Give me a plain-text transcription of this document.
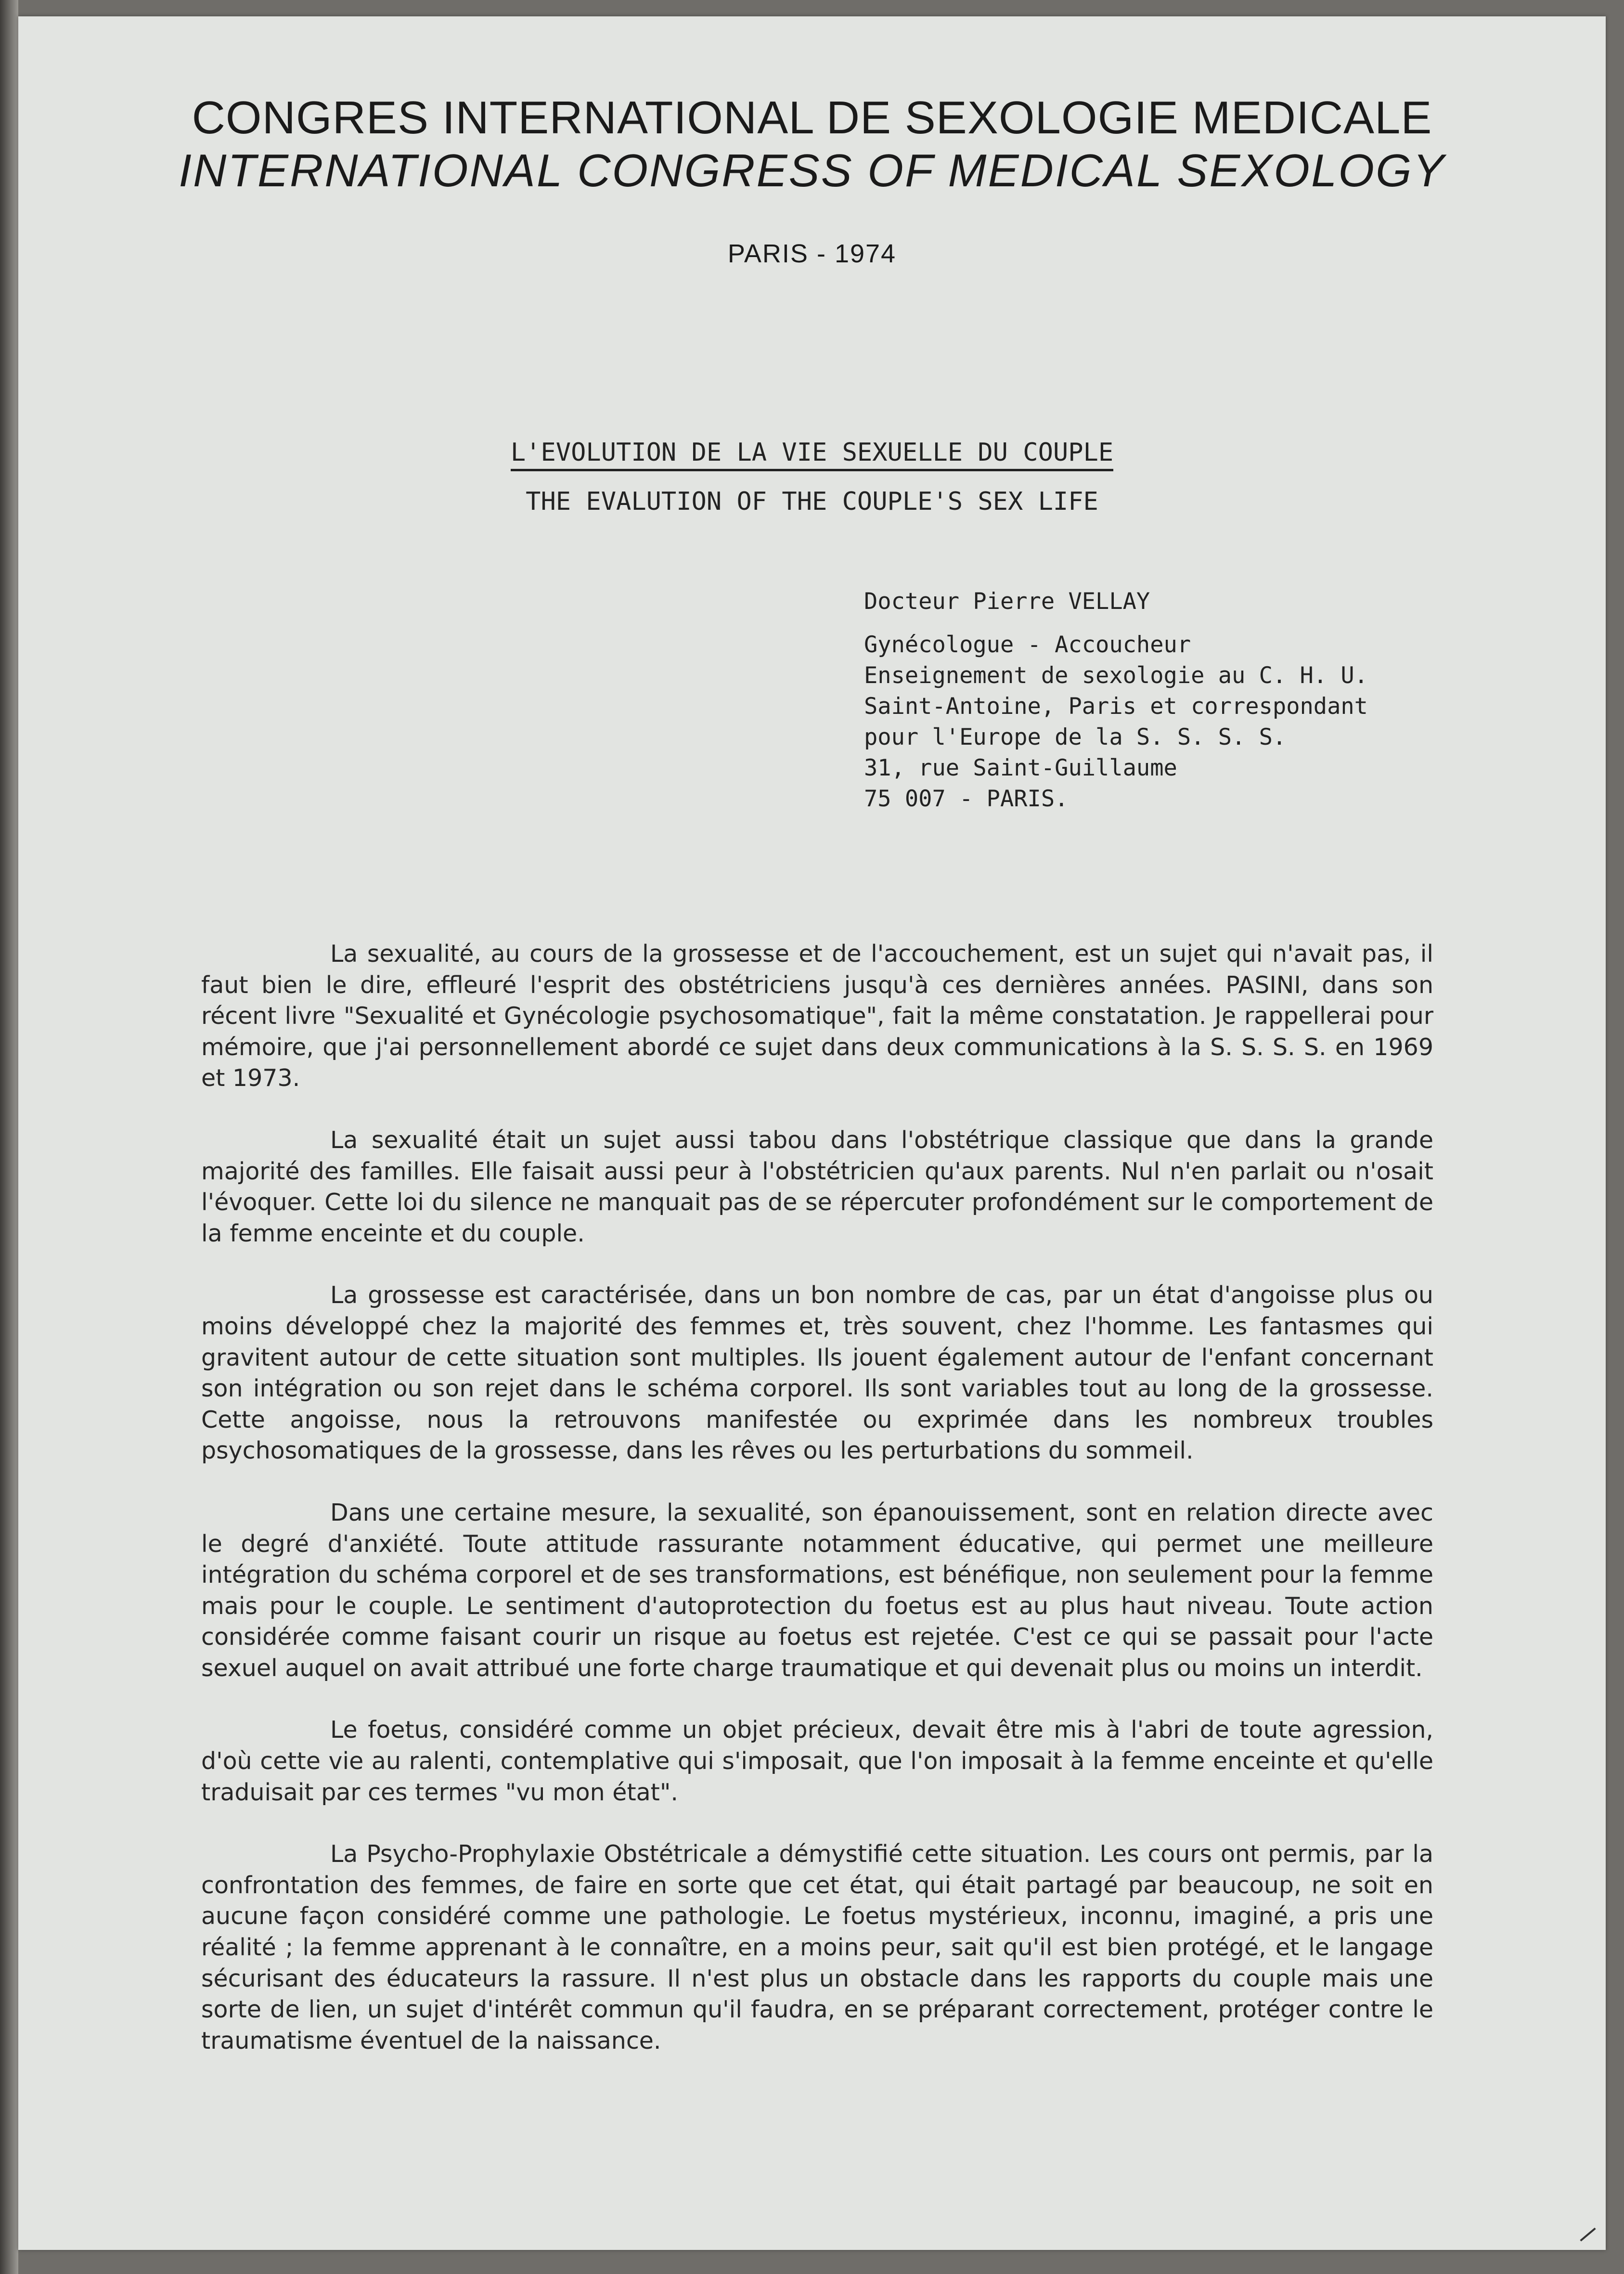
CONGRES INTERNATIONAL DE SEXOLOGIE MEDICALE
INTERNATIONAL CONGRESS OF MEDICAL SEXOLOGY
PARIS - 1974
L'EVOLUTION DE LA VIE SEXUELLE DU COUPLE
THE EVALUTION OF THE COUPLE'S SEX LIFE
Docteur Pierre VELLAY
Gynécologue - Accoucheur
Enseignement de sexologie au C. H. U.
Saint-Antoine, Paris et correspondant
pour l'Europe de la S. S. S. S.
31, rue Saint-Guillaume
75 007 - PARIS.

La sexualité, au cours de la grossesse et de l'accouchement, est un sujet qui n'avait pas, il faut bien le dire, effleuré l'esprit des obstétriciens jusqu'à ces dernières années. PASINI, dans son récent livre "Sexualité et Gynécologie psychosomatique", fait la même constatation. Je rappellerai pour mémoire, que j'ai personnellement abordé ce sujet dans deux communications à la S. S. S. S. en 1969 et 1973.

La sexualité était un sujet aussi tabou dans l'obstétrique classique que dans la grande majorité des familles. Elle faisait aussi peur à l'obstétricien qu'aux parents. Nul n'en parlait ou n'osait l'évoquer. Cette loi du silence ne manquait pas de se répercuter profondément sur le comportement de la femme enceinte et du couple.

La grossesse est caractérisée, dans un bon nombre de cas, par un état d'angoisse plus ou moins développé chez la majorité des femmes et, très souvent, chez l'homme. Les fantasmes qui gravitent autour de cette situation sont multiples. Ils jouent également autour de l'enfant concernant son intégration ou son rejet dans le schéma corporel. Ils sont variables tout au long de la grossesse. Cette angoisse, nous la retrouvons manifestée ou exprimée dans les nombreux troubles psychosomatiques de la grossesse, dans les rêves ou les perturbations du sommeil.

Dans une certaine mesure, la sexualité, son épanouissement, sont en relation directe avec le degré d'anxiété. Toute attitude rassurante notamment éducative, qui permet une meilleure intégration du schéma corporel et de ses transformations, est bénéfique, non seulement pour la femme mais pour le couple. Le sentiment d'autoprotection du foetus est au plus haut niveau. Toute action considérée comme faisant courir un risque au foetus est rejetée. C'est ce qui se passait pour l'acte sexuel auquel on avait attribué une forte charge traumatique et qui devenait plus ou moins un interdit.

Le foetus, considéré comme un objet précieux, devait être mis à l'abri de toute agression, d'où cette vie au ralenti, contemplative qui s'imposait, que l'on imposait à la femme enceinte et qu'elle traduisait par ces termes "vu mon état".

La Psycho-Prophylaxie Obstétricale a démystifié cette situation. Les cours ont permis, par la confrontation des femmes, de faire en sorte que cet état, qui était partagé par beaucoup, ne soit en aucune façon considéré comme une pathologie. Le foetus mystérieux, inconnu, imaginé, a pris une réalité ; la femme apprenant à le connaître, en a moins peur, sait qu'il est bien protégé, et le langage sécurisant des éducateurs la rassure. Il n'est plus un obstacle dans les rapports du couple mais une sorte de lien, un sujet d'intérêt commun qu'il faudra, en se préparant correctement, protéger contre le traumatisme éventuel de la naissance.
